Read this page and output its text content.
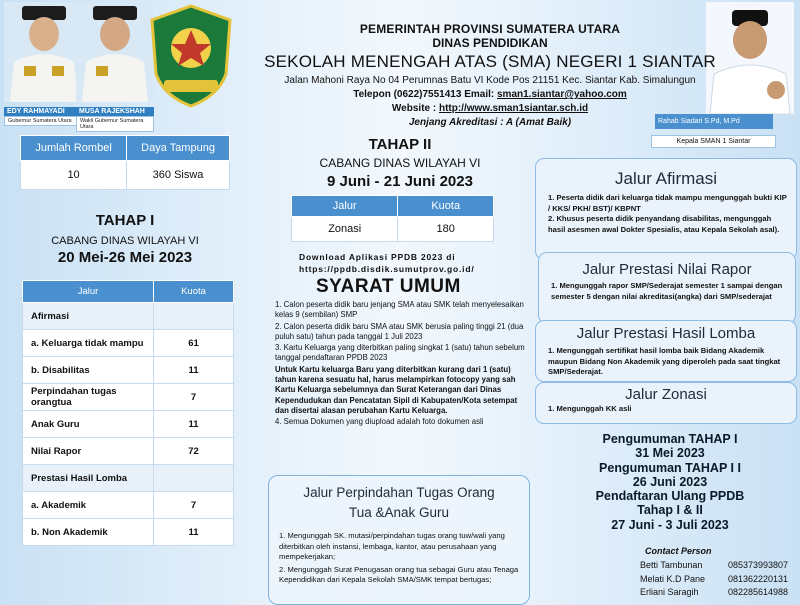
EDY RAHMAYADI
Gubernur Sumatera Utara
MUSA RAJEKSHAH
Wakil Gubernur Sumatera Utara
Rahab Siadari S.Pd, M.Pd
Kepala SMAN 1 Siantar
PEMERINTAH PROVINSI SUMATERA UTARA
DINAS PENDIDIKAN
SEKOLAH MENENGAH ATAS (SMA) NEGERI 1 SIANTAR
Jalan Mahoni Raya No 04 Perumnas Batu VI Kode Pos 21151 Kec. Siantar Kab. Simalungun
Telepon (0622)7551413 Email: sman1.siantar@yahoo.com
Website : http://www.sman1siantar.sch.id
Jenjang Akreditasi : A (Amat Baik)
Jumlah Rombel	Daya Tampung
10	360 Siswa
TAHAP I
CABANG DINAS WILAYAH VI
20 Mei-26 Mei 2023
Jalur	Kuota
Afirmasi	
a. Keluarga tidak mampu	61
b. Disabilitas	11
Perpindahan tugas orangtua	7
Anak Guru	11
Nilai Rapor	72
Prestasi Hasil Lomba	
a. Akademik	7
b. Non Akademik	11
TAHAP II
CABANG DINAS WILAYAH VI
9 Juni - 21 Juni 2023
Jalur	Kuota
Zonasi	180
Download Aplikasi PPDB 2023 di https://ppdb.disdik.sumutprov.go.id/
SYARAT UMUM

1. Calon peserta didik baru jenjang SMA atau SMK telah menyelesaikan kelas 9 (sembilan) SMP

2. Calon peserta didik baru SMA atau SMK berusia paling tinggi 21 (dua puluh satu) tahun pada tanggal 1 Juli 2023

3. Kartu Keluarga yang diterbitkan paling singkat 1 (satu) tahun sebelum tanggal pendaftaran PPDB 2023

Untuk Kartu keluarga Baru yang diterbitkan kurang dari 1 (satu) tahun karena sesuatu hal, harus melampirkan fotocopy yang sah Kartu Keluarga sebelumnya dan Surat Keterangan dari Dinas Kependudukan dan Pencatatan Sipil di Kabupaten/Kota setempat dan disertai alasan perubahan Kartu Keluarga.

4. Semua Dokumen yang diupload adalah foto dokumen asli

Jalur Perpindahan Tugas Orang Tua &Anak Guru

1. Mengunggah SK. mutasi/perpindahan tugas orang tuw/wali yang diterbitkan oleh instansi, lembaga, kantor, atau perusahaan yang mempekerjakan;

2. Mengunggah Surat Penugasan orang tua sebagai Guru atau Tenaga Kependidikan dari Kepala Sekolah SMA/SMK tempat bertugas;

Jalur Afirmasi

1. Peserta didik dari keluarga tidak mampu mengunggah bukti KIP / KKS/ PKH/ BST)/ KBPNT

2. Khusus peserta didik penyandang disabilitas, mengunggah hasil asesmen awal Dokter Spesialis, atau Kepala Sekolah asal).

Jalur Prestasi Nilai Rapor

1. Mengunggah rapor SMP/Sederajat semester 1 sampai dengan semester 5 dengan nilai akreditasi(angka) dari SMP/sederajat

Jalur Prestasi Hasil Lomba

1. Mengunggah sertifikat hasil lomba baik Bidang Akademik maupun Bidang Non Akademik yang diperoleh pada saat tingkat SMP/Sederajat.

Jalur Zonasi

1. Mengunggah KK asli

Pengumuman TAHAP I
31 Mei 2023
Pengumuman TAHAP I I
26 Juni 2023
Pendaftaran Ulang PPDB
Tahap I & II
27 Juni - 3 Juli 2023
Contact Person
Betti Tambunan	085373993807
Melati K.D Pane	081362220131
Erliani Saragih	082285614988
